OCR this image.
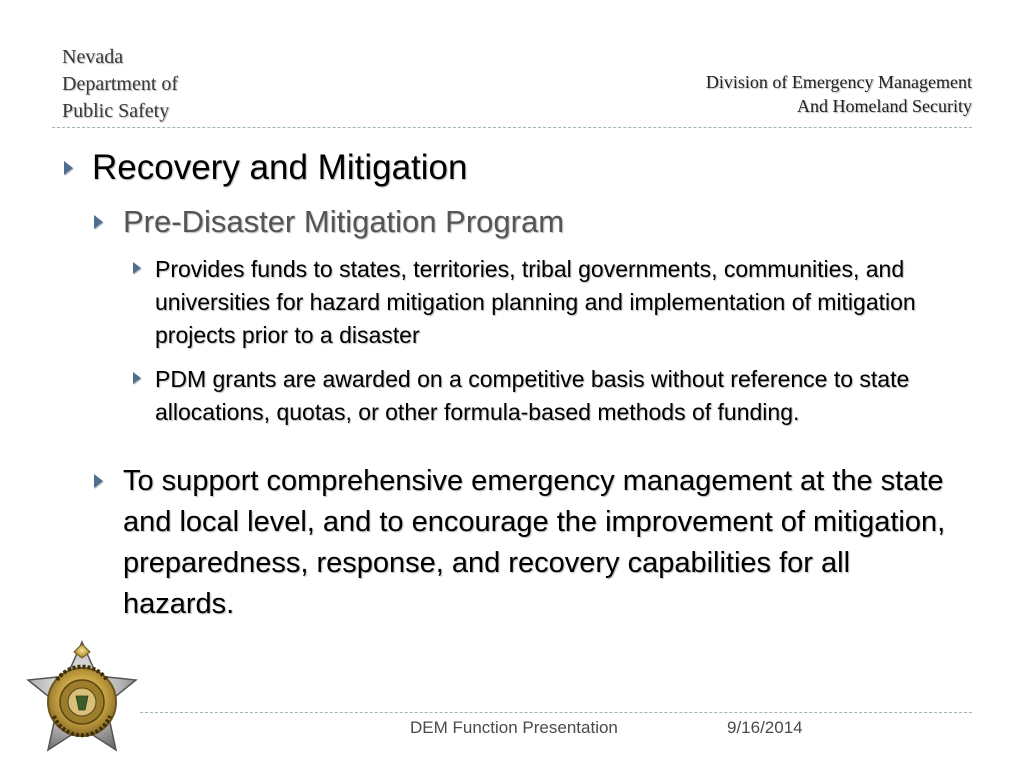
Nevada
Department of
Public Safety
Division of Emergency Management
And Homeland Security
Recovery and Mitigation
Pre-Disaster Mitigation Program
Provides funds to states, territories, tribal governments, communities, and universities for hazard mitigation planning and implementation of mitigation projects prior to a disaster
PDM grants are awarded on a competitive basis without reference to state allocations, quotas, or other formula-based methods of funding.
To support comprehensive emergency management at the state and local level, and to encourage the improvement of mitigation, preparedness, response, and recovery capabilities for all hazards.
DEM Function Presentation	9/16/2014
